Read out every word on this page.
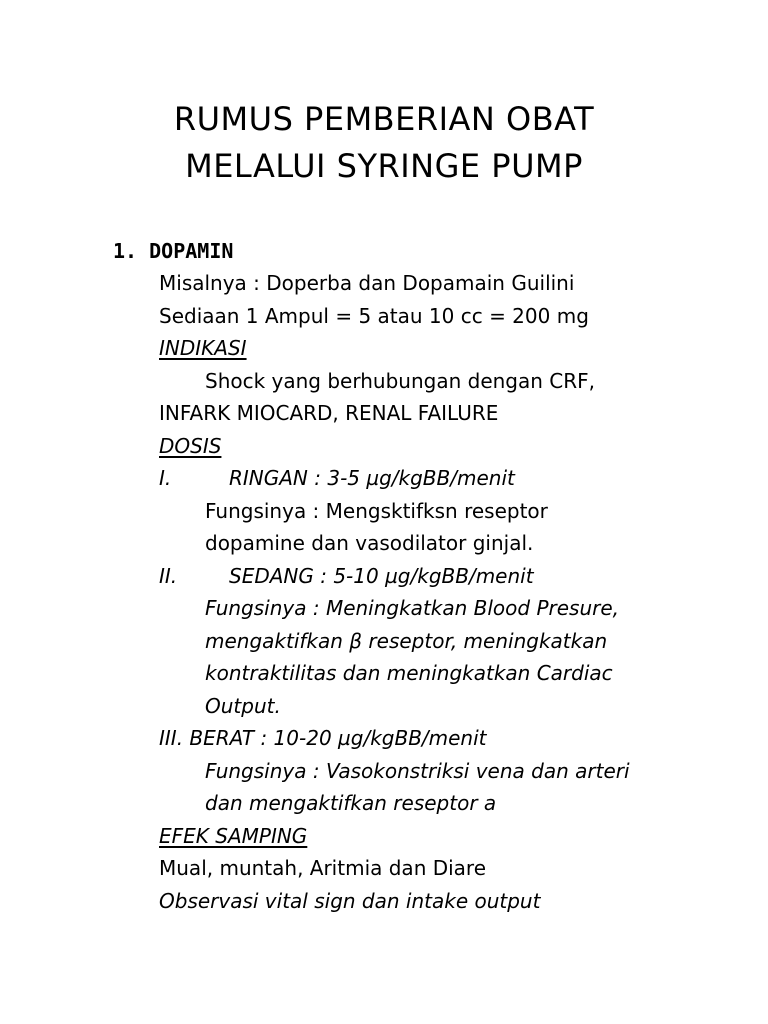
RUMUS PEMBERIAN OBAT
MELALUI SYRINGE PUMP
1. DOPAMIN
Misalnya : Doperba dan Dopamain Guilini
Sediaan 1 Ampul = 5 atau 10 cc = 200 mg
INDIKASI
Shock yang berhubungan dengan CRF,
INFARK MIOCARD, RENAL FAILURE
DOSIS
I.	RINGAN : 3-5 µg/kgBB/menit
Fungsinya : Mengsktifksn reseptor
dopamine dan vasodilator ginjal.
II.	SEDANG : 5-10 µg/kgBB/menit
Fungsinya : Meningkatkan Blood Presure,
mengaktifkan β reseptor, meningkatkan
kontraktilitas dan meningkatkan Cardiac
Output.
III. BERAT : 10-20 µg/kgBB/menit
Fungsinya : Vasokonstriksi vena dan arteri
dan mengaktifkan reseptor a
EFEK SAMPING
Mual, muntah, Aritmia dan Diare
Observasi vital sign dan intake output
